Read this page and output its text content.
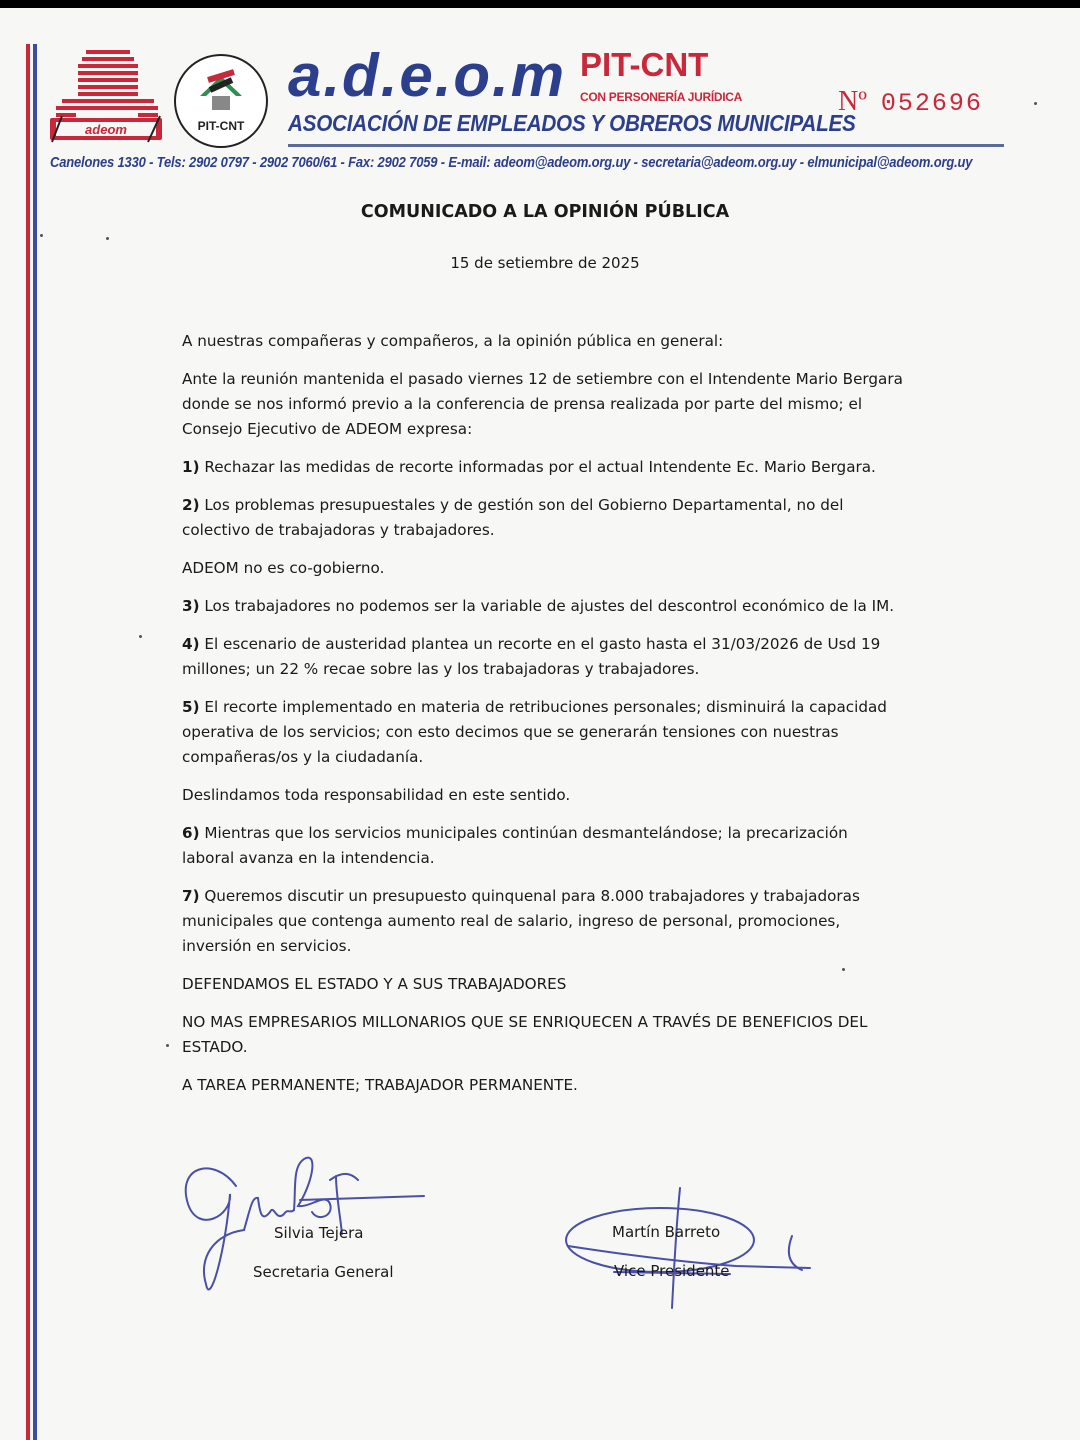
adeom	PIT-CNT
a.d.e.o.m PIT-CNT
CON PERSONERÍA JURÍDICA
ASOCIACIÓN DE EMPLEADOS Y OBREROS MUNICIPALES
Nº 052696
Canelones 1330 - Tels: 2902 0797 - 2902 7060/61 - Fax: 2902 7059 - E-mail: adeom@adeom.org.uy - secretaria@adeom.org.uy - elmunicipal@adeom.org.uy
COMUNICADO A LA OPINIÓN PÚBLICA
15 de setiembre de 2025

A nuestras compañeras y compañeros, a la opinión pública en general:

Ante la reunión mantenida el pasado viernes 12 de setiembre con el Intendente Mario Bergara donde se nos informó previo a la conferencia de prensa realizada por parte del mismo; el Consejo Ejecutivo de ADEOM expresa:

1) Rechazar las medidas de recorte informadas por el actual Intendente Ec. Mario Bergara.

2) Los problemas presupuestales y de gestión son del Gobierno Departamental, no del colectivo de trabajadoras y trabajadores.

ADEOM no es co-gobierno.

3) Los trabajadores no podemos ser la variable de ajustes del descontrol económico de la IM.

4) El escenario de austeridad plantea un recorte en el gasto hasta el 31/03/2026 de Usd 19 millones; un 22 % recae sobre las y los trabajadoras y trabajadores.

5) El recorte implementado en materia de retribuciones personales; disminuirá la capacidad operativa de los servicios; con esto decimos que se generarán tensiones con nuestras compañeras/os y la ciudadanía.

Deslindamos toda responsabilidad en este sentido.

6) Mientras que los servicios municipales continúan desmantelándose; la precarización laboral avanza en la intendencia.

7) Queremos discutir un presupuesto quinquenal para 8.000 trabajadores y trabajadoras municipales que contenga aumento real de salario, ingreso de personal, promociones, inversión en servicios.

DEFENDAMOS EL ESTADO Y A SUS TRABAJADORES

NO MAS EMPRESARIOS MILLONARIOS QUE SE ENRIQUECEN A TRAVÉS DE BENEFICIOS DEL ESTADO.

A TAREA PERMANENTE; TRABAJADOR PERMANENTE.

Silvia Tejera
Secretaria General
Martín Barreto
Vice Presidente
